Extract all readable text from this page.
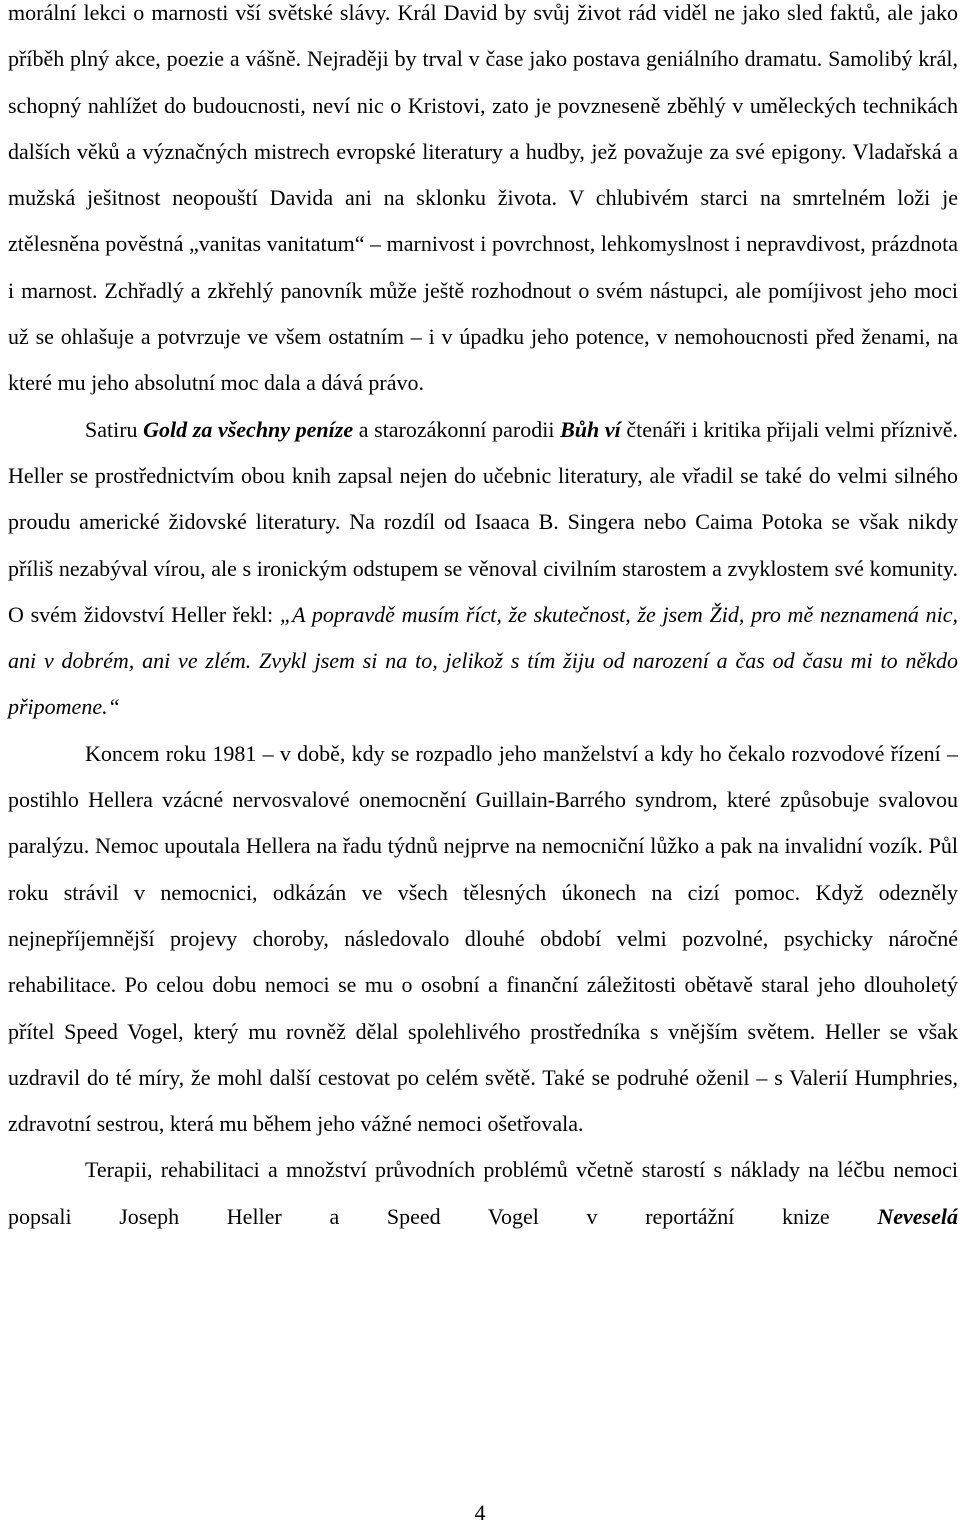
morální lekci o marnosti vší světské slávy. Král David by svůj život rád viděl ne jako sled faktů, ale jako příběh plný akce, poezie a vášně. Nejraději by trval v čase jako postava geniálního dramatu. Samolibý král, schopný nahlížet do budoucnosti, neví nic o Kristovi, zato je povzneseně zběhlý v uměleckých technikách dalších věků a význačných mistrech evropské literatury a hudby, jež považuje za své epigony. Vladařská a mužská ješitnost neopouští Davida ani na sklonku života. V chlubivém starci na smrtelném loži je ztělesněna pověstná „vanitas vanitatum“ – marnivost i povrchnost, lehkomyslnost i nepravdivost, prázdnota i marnost. Zchřadlý a zkřehlý panovník může ještě rozhodnout o svém nástupci, ale pomíjivost jeho moci už se ohlašuje a potvrzuje ve všem ostatním – i v úpadku jeho potence, v nemohoucnosti před ženami, na které mu jeho absolutní moc dala a dává právo.

Satiru Gold za všechny peníze a starozákonní parodii Bůh ví čtenáři i kritika přijali velmi příznivě. Heller se prostřednictvím obou knih zapsal nejen do učebnic literatury, ale vřadil se také do velmi silného proudu americké židovské literatury. Na rozdíl od Isaaca B. Singera nebo Caima Potoka se však nikdy příliš nezabýval vírou, ale s ironickým odstupem se věnoval civilním starostem a zvyklostem své komunity. O svém židovství Heller řekl: „A popravdě musím říct, že skutečnost, že jsem Žid, pro mě neznamená nic, ani v dobrém, ani ve zlém. Zvykl jsem si na to, jelikož s tím žiju od narození a čas od času mi to někdo připomene.“

Koncem roku 1981 – v době, kdy se rozpadlo jeho manželství a kdy ho čekalo rozvodové řízení – postihlo Hellera vzácné nervosvalové onemocnění Guillain-Barrého syndrom, které způsobuje svalovou paralýzu. Nemoc upoutala Hellera na řadu týdnů nejprve na nemocniční lůžko a pak na invalidní vozík. Půl roku strávil v nemocnici, odkázán ve všech tělesných úkonech na cizí pomoc. Když odezněly nejnepříjemnější projevy choroby, následovalo dlouhé období velmi pozvolné, psychicky náročné rehabilitace. Po celou dobu nemoci se mu o osobní a finanční záležitosti obětavě staral jeho dlouholetý přítel Speed Vogel, který mu rovněž dělal spolehlivého prostředníka s vnějším světem. Heller se však uzdravil do té míry, že mohl další cestovat po celém světě. Také se podruhé oženil – s Valerií Humphries, zdravotní sestrou, která mu během jeho vážné nemoci ošetřovala.

Terapii, rehabilitaci a množství průvodních problémů včetně starostí s náklady na léčbu nemoci popsali Joseph Heller a Speed Vogel v reportážní knize Neveselá

4
